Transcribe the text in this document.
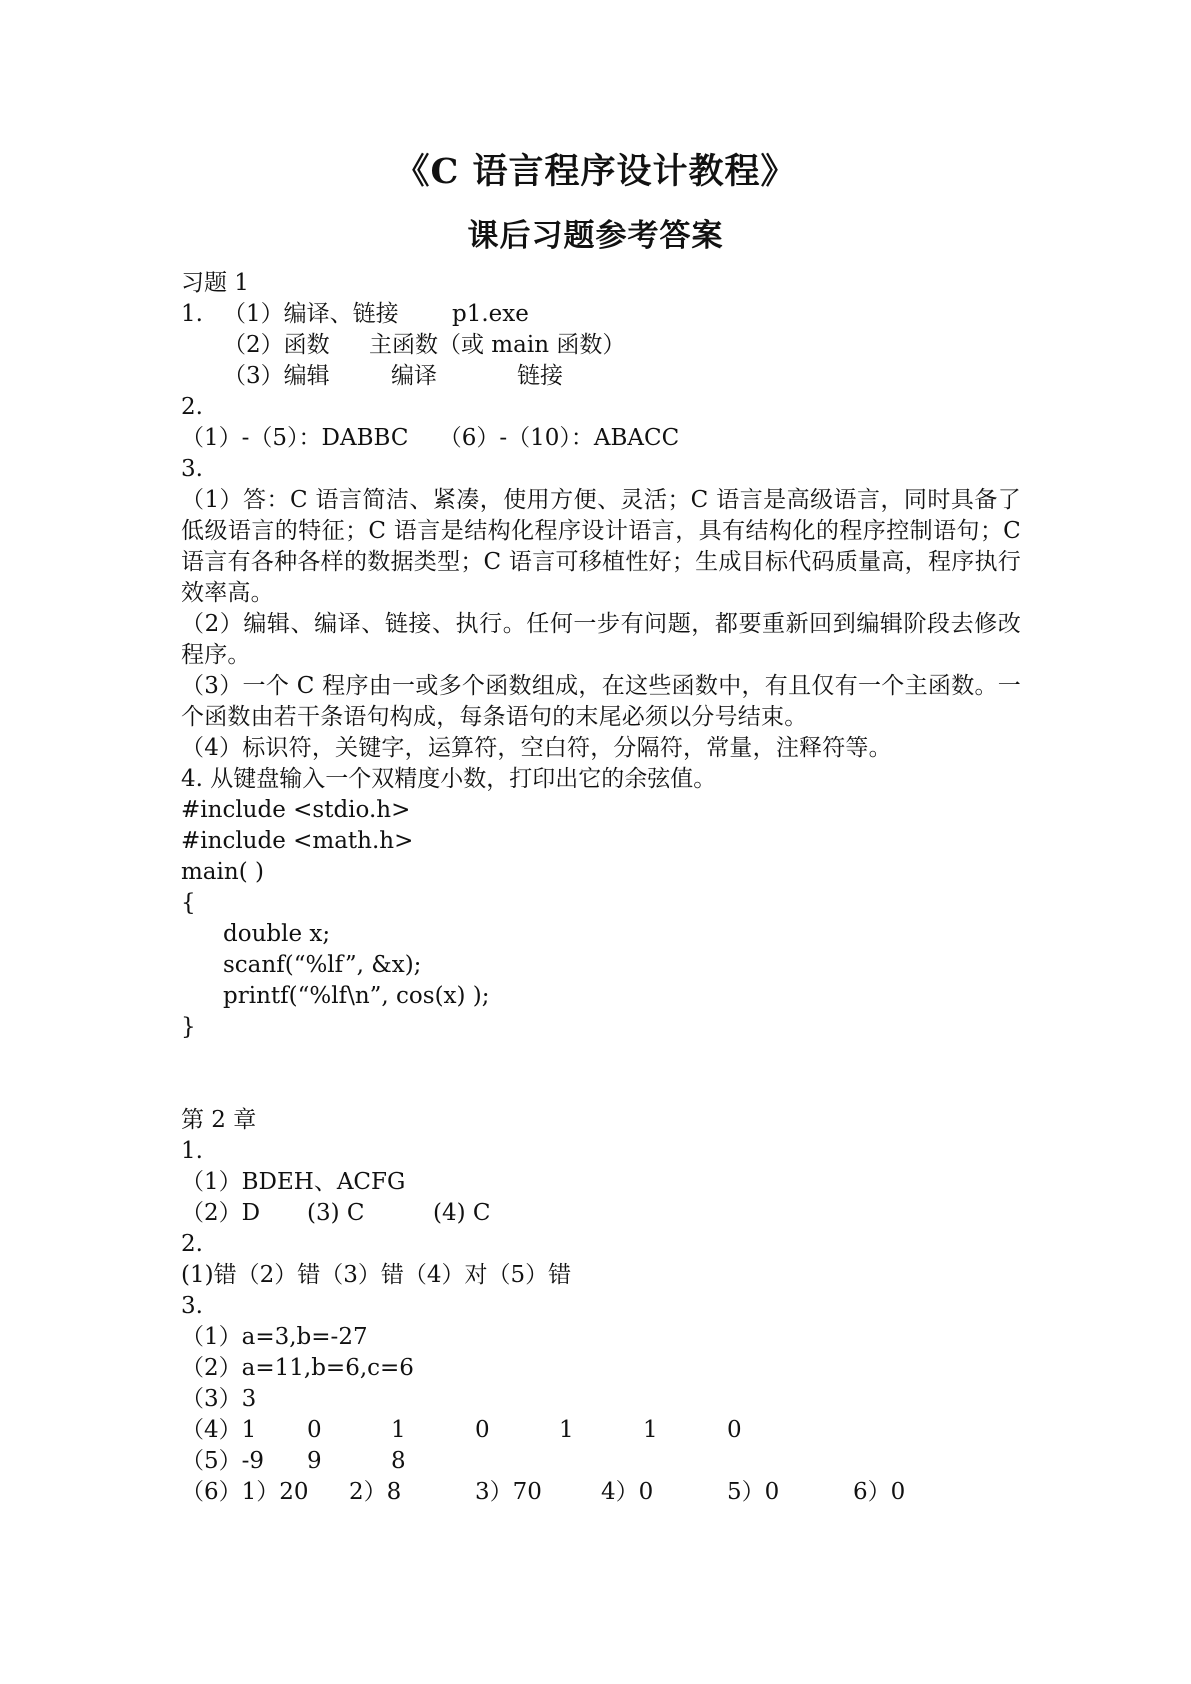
《C 语言程序设计教程》
课后习题参考答案
习题 1
1. （1）编译、链接 p1.exe
（2）函数 主函数（或 main 函数）
（3）编辑	编译	链接
2.
（1）-（5）：DABBC　 （6）-（10）：ABACC
3.
（1）答：C 语言简洁、紧凑，使用方便、灵活；C 语言是高级语言，同时具备了低级语言的特征；C 语言是结构化程序设计语言，具有结构化的程序控制语句；C 语言有各种各样的数据类型；C 语言可移植性好；生成目标代码质量高，程序执行效率高。
（2）编辑、编译、链接、执行。任何一步有问题，都要重新回到编辑阶段去修改程序。
（3）一个 C 程序由一或多个函数组成，在这些函数中，有且仅有一个主函数。一个函数由若干条语句构成，每条语句的末尾必须以分号结束。
（4）标识符，关键字，运算符，空白符，分隔符，常量，注释符等。
4. 从键盘输入一个双精度小数，打印出它的余弦值。
#include <stdio.h>
#include <math.h>
main( )
{
double x;
scanf(“%lf”, &x);
printf(“%lf\n”, cos(x) );
}
第 2 章
1.
（1）BDEH、ACFG
（2）D (3) C	(4) C
2.
(1)错（2）错（3）错（4）对（5）错
3.
（1）a=3,b=-27
（2）a=11,b=6,c=6
（3）3
（4）1 0	1	0	1	1	0
（5）-9 9	8
（6）1）20 2）8	3）70	4）0	5）0	6）0
